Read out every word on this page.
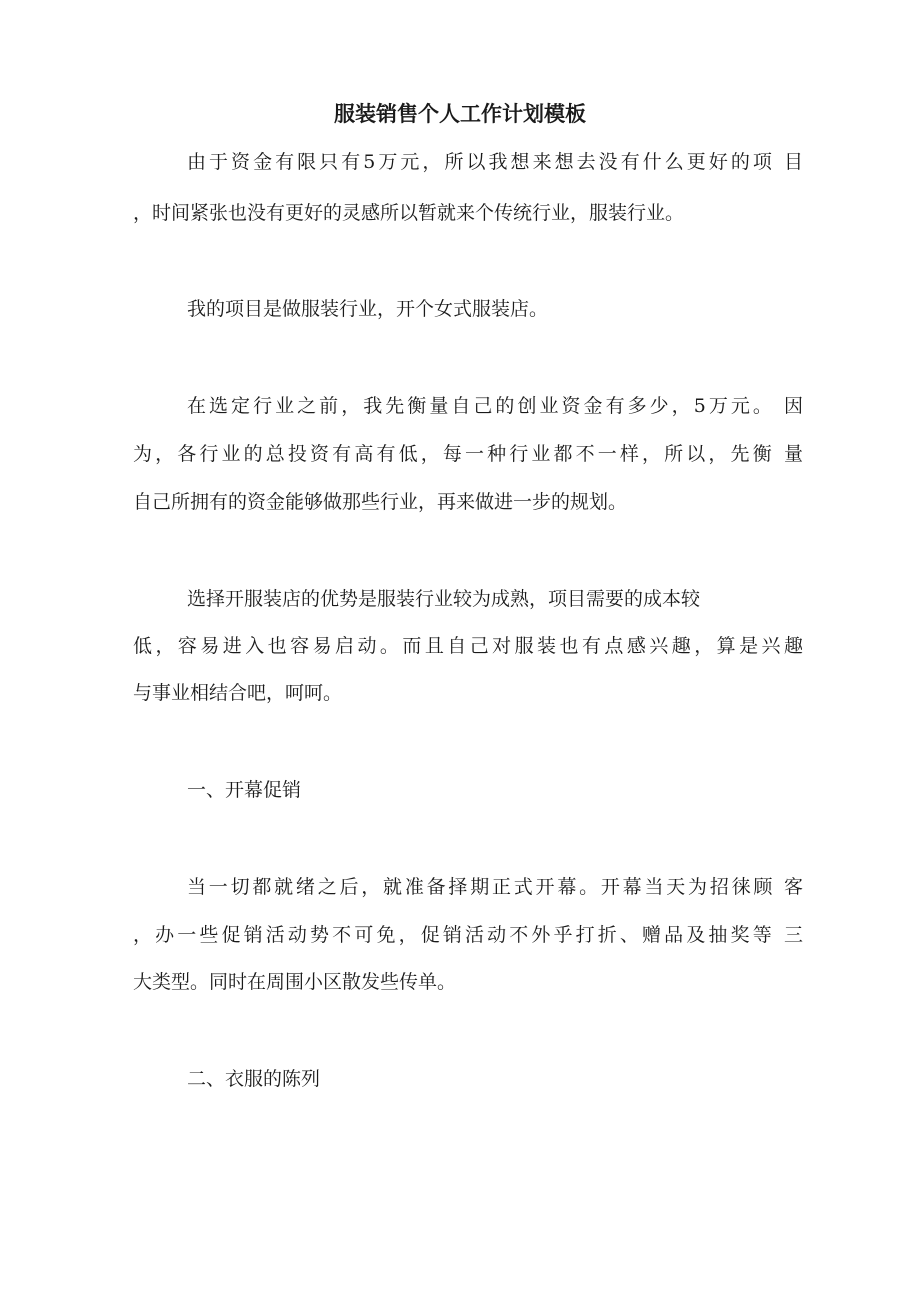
服装销售个人工作计划模板

由于资金有限只有5万元，所以我想来想去没有什么更好的项 目

，时间紧张也没有更好的灵感所以暂就来个传统行业，服装行业。

我的项目是做服装行业，开个女式服装店。

在选定行业之前，我先衡量自己的创业资金有多少，5万元。 因

为，各行业的总投资有高有低，每一种行业都不一样，所以，先衡 量

自己所拥有的资金能够做那些行业，再来做进一步的规划。

选择开服装店的优势是服装行业较为成熟，项目需要的成本较

低，容易进入也容易启动。而且自己对服装也有点感兴趣，算是兴趣

与事业相结合吧，呵呵。

一、开幕促销

当一切都就绪之后，就准备择期正式开幕。开幕当天为招徕顾 客

，办一些促销活动势不可免，促销活动不外乎打折、赠品及抽奖等 三

大类型。同时在周围小区散发些传单。

二、衣服的陈列
